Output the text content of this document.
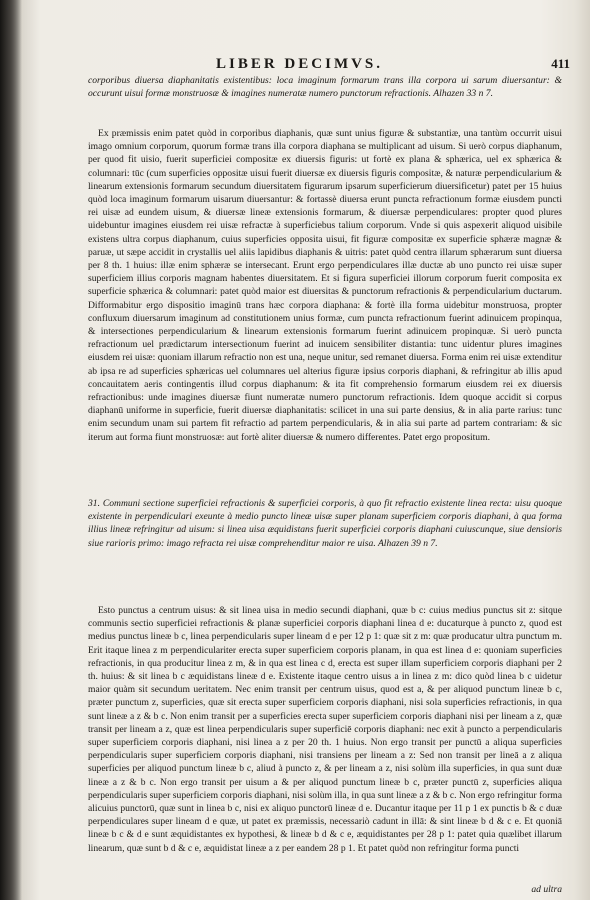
LIBER DECIMVS.	411

corporibus diuersa diaphanitatis existentibus: loca imaginum formarum trans illa corpora ui sarum diuersantur: & occurunt uisui formæ monstruosæ & imagines numeratæ numero punctorum refractionis. Alhazen 33 n 7.

Ex præmissis enim patet quòd in corporibus diaphanis, quæ sunt unius figuræ & substantiæ, una tantùm occurrit uisui imago omnium corporum, quorum formæ trans illa corpora diaphana se multiplicant ad uisum. Si uerò corpus diaphanum, per quod fit uisio, fuerit superficiei compositæ ex diuersis figuris: ut fortè ex plana & sphærica, uel ex sphærica & columnari: tūc (cum superficies oppositæ uisui fuerit diuersæ ex diuersis figuris compositæ, & naturæ perpendicularium & linearum extensionis formarum secundum diuersitatem figurarum ipsarum superficierum diuersificetur) patet per 15 huius quòd loca imaginum formarum uisarum diuersantur: & fortassè diuersa erunt puncta refractionum formæ eiusdem puncti rei uisæ ad eundem uisum, & diuersæ lineæ extensionis formarum, & diuersæ perpendiculares: propter quod plures uidebuntur imagines eiusdem rei uisæ refractæ à superficiebus talium corporum. Vnde si quis aspexerit aliquod uisibile existens ultra corpus diaphanum, cuius superficies opposita uisui, fit figuræ compositæ ex superficie sphæræ magnæ & paruæ, ut sæpe accidit in crystallis uel aliis lapidibus diaphanis & uitris: patet quòd centra illarum sphærarum sunt diuersa per 8 th. 1 huius: illæ enim sphæræ se intersecant. Erunt ergo perpendiculares illæ ductæ ab uno puncto rei uisæ super superficiem illius corporis magnam habentes diuersitatem. Et si figura superficiei illorum corporum fuerit composita ex superficie sphærica & columnari: patet quòd maior est diuersitas & punctorum refractionis & perpendicularium ductarum. Difformabitur ergo dispositio imaginū trans hæc corpora diaphana: & fortè illa forma uidebitur monstruosa, propter confluxum diuersarum imaginum ad constitutionem unius formæ, cum puncta refractionum fuerint adinuicem propinqua, & intersectiones perpendicularium & linearum extensionis formarum fuerint adinuicem propinquæ. Si uerò puncta refractionum uel prædictarum intersectionum fuerint ad inuicem sensibiliter distantia: tunc uidentur plures imagines eiusdem rei uisæ: quoniam illarum refractio non est una, neque unitur, sed remanet diuersa. Forma enim rei uisæ extenditur ab ipsa re ad superficies sphæricas uel columnares uel alterius figuræ ipsius corporis diaphani, & refringitur ab illis apud concauitatem aeris contingentis illud corpus diaphanum: & ita fit comprehensio formarum eiusdem rei ex diuersis refractionibus: unde imagines diuersæ fiunt numeratæ numero punctorum refractionis. Idem quoque accidit si corpus diaphanū uniforme in superficie, fuerit diuersæ diaphanitatis: scilicet in una sui parte densius, & in alia parte rarius: tunc enim secundum unam sui partem fit refractio ad partem perpendicularis, & in alia sui parte ad partem contrariam: & sic iterum aut forma fiunt monstruosæ: aut fortè aliter diuersæ & numero differentes. Patet ergo propositum.

31. Communi sectione superficiei refractionis & superficiei corporis, à quo fit refractio existente linea recta: uisu quoque existente in perpendiculari exeunte à medio puncto lineæ uisæ super planam superficiem corporis diaphani, à qua forma illius lineæ refringitur ad uisum: si linea uisa æquidistans fuerit superficiei corporis diaphani cuiuscunque, siue densioris siue rarioris primo: imago refracta rei uisæ comprehenditur maior re uisa. Alhazen 39 n 7.

Esto punctus a centrum uisus: & sit linea uisa in medio secundi diaphani, quæ b c: cuius medius punctus sit z: sitque communis sectio superficiei refractionis & planæ superficiei corporis diaphani linea d e: ducaturque à puncto z, quod est medius punctus lineæ b c, linea perpendicularis super lineam d e per 12 p 1: quæ sit z m: quæ producatur ultra punctum m. Erit itaque linea z m perpendiculariter erecta super superficiem corporis planam, in qua est linea d e: quoniam superficies refractionis, in qua producitur linea z m, & in qua est linea c d, erecta est super illam superficiem corporis diaphani per 2 th. huius: & sit linea b c æquidistans lineæ d e. Existente itaque centro uisus a in linea z m: dico quòd linea b c uidetur maior quàm sit secundum ueritatem. Nec enim transit per centrum uisus, quod est a, & per aliquod punctum lineæ b c, præter punctum z, superficies, quæ sit erecta super superficiem corporis diaphani, nisi sola superficies refractionis, in qua sunt lineæ a z & b c. Non enim transit per a superficies erecta super superficiem corporis diaphani nisi per lineam a z, quæ transit per lineam a z, quæ est linea perpendicularis super superficiē corporis diaphani: nec exit à puncto a perpendicularis super superficiem corporis diaphani, nisi linea a z per 20 th. 1 huius. Non ergo transit per punctū a aliqua superficies perpendicularis super superficiem corporis diaphani, nisi transiens per lineam a z: Sed non transit per lineā a z aliqua superficies per aliquod punctum lineæ b c, aliud à puncto z, & per lineam a z, nisi solùm illa superficies, in qua sunt duæ lineæ a z & b c. Non ergo transit per uisum a & per aliquod punctum lineæ b c, præter punctū z, superficies aliqua perpendicularis super superficiem corporis diaphani, nisi solùm illa, in qua sunt lineæ a z & b c. Non ergo refringitur forma alicuius punctorū, quæ sunt in linea b c, nisi ex aliquo punctorū lineæ d e. Ducantur itaque per 11 p 1 ex punctis b & c duæ perpendiculares super lineam d e quæ, ut patet ex præmissis, necessariò cadunt in illā: & sint lineæ b d & c e. Et quoniā lineæ b c & d e sunt æquidistantes ex hypothesi, & lineæ b d & c e, æquidistantes per 28 p 1: patet quia quælibet illarum linearum, quæ sunt b d & c e, æquidistat lineæ a z per eandem 28 p 1. Et patet quòd non refringitur forma puncti

ad ultra
